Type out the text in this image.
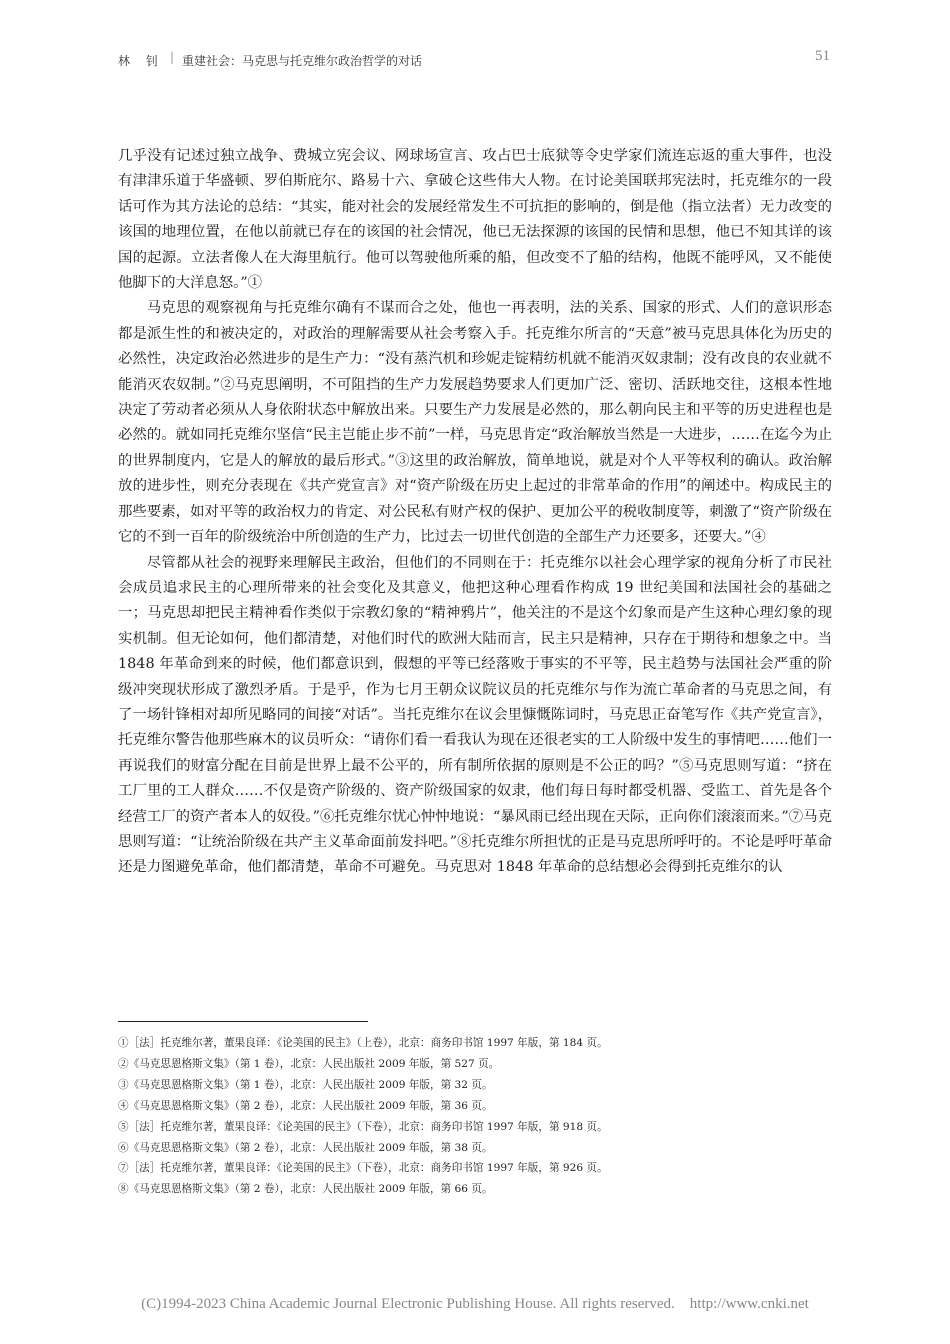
林 钊 | 重建社会：马克思与托克维尔政治哲学的对话	51

几乎没有记述过独立战争、费城立宪会议、网球场宣言、攻占巴士底狱等令史学家们流连忘返的重大事件，也没有津津乐道于华盛顿、罗伯斯庇尔、路易十六、拿破仑这些伟大人物。在讨论美国联邦宪法时，托克维尔的一段话可作为其方法论的总结：“其实，能对社会的发展经常发生不可抗拒的影响的，倒是他（指立法者）无力改变的该国的地理位置，在他以前就已存在的该国的社会情况，他已无法探源的该国的民情和思想，他已不知其详的该国的起源。立法者像人在大海里航行。他可以驾驶他所乘的船，但改变不了船的结构，他既不能呼风，又不能使他脚下的大洋息怒。”①

马克思的观察视角与托克维尔确有不谋而合之处，他也一再表明，法的关系、国家的形式、人们的意识形态都是派生性的和被决定的，对政治的理解需要从社会考察入手。托克维尔所言的“天意”被马克思具体化为历史的必然性，决定政治必然进步的是生产力：“没有蒸汽机和珍妮走锭精纺机就不能消灭奴隶制；没有改良的农业就不能消灭农奴制。”②马克思阐明，不可阻挡的生产力发展趋势要求人们更加广泛、密切、活跃地交往，这根本性地决定了劳动者必须从人身依附状态中解放出来。只要生产力发展是必然的，那么朝向民主和平等的历史进程也是必然的。就如同托克维尔坚信“民主岂能止步不前”一样，马克思肯定“政治解放当然是一大进步，……在迄今为止的世界制度内，它是人的解放的最后形式。”③这里的政治解放，简单地说，就是对个人平等权利的确认。政治解放的进步性，则充分表现在《共产党宣言》对“资产阶级在历史上起过的非常革命的作用”的阐述中。构成民主的那些要素，如对平等的政治权力的肯定、对公民私有财产权的保护、更加公平的税收制度等，刺激了“资产阶级在它的不到一百年的阶级统治中所创造的生产力，比过去一切世代创造的全部生产力还要多，还要大。”④

尽管都从社会的视野来理解民主政治，但他们的不同则在于：托克维尔以社会心理学家的视角分析了市民社会成员追求民主的心理所带来的社会变化及其意义，他把这种心理看作构成 19 世纪美国和法国社会的基础之一；马克思却把民主精神看作类似于宗教幻象的“精神鸦片”，他关注的不是这个幻象而是产生这种心理幻象的现实机制。但无论如何，他们都清楚，对他们时代的欧洲大陆而言，民主只是精神，只存在于期待和想象之中。当 1848 年革命到来的时候，他们都意识到，假想的平等已经落败于事实的不平等，民主趋势与法国社会严重的阶级冲突现状形成了激烈矛盾。于是乎，作为七月王朝众议院议员的托克维尔与作为流亡革命者的马克思之间，有了一场针锋相对却所见略同的间接“对话”。当托克维尔在议会里慷慨陈词时，马克思正奋笔写作《共产党宣言》，托克维尔警告他那些麻木的议员听众：“请你们看一看我认为现在还很老实的工人阶级中发生的事情吧……他们一再说我们的财富分配在目前是世界上最不公平的，所有制所依据的原则是不公正的吗？”⑤马克思则写道：“挤在工厂里的工人群众……不仅是资产阶级的、资产阶级国家的奴隶，他们每日每时都受机器、受监工、首先是各个经营工厂的资产者本人的奴役。”⑥托克维尔忧心忡忡地说：“暴风雨已经出现在天际，正向你们滚滚而来。”⑦马克思则写道：“让统治阶级在共产主义革命面前发抖吧。”⑧托克维尔所担忧的正是马克思所呼吁的。不论是呼吁革命还是力图避免革命，他们都清楚，革命不可避免。马克思对 1848 年革命的总结想必会得到托克维尔的认

①［法］托克维尔著，董果良译：《论美国的民主》（上卷），北京：商务印书馆 1997 年版，第 184 页。
②《马克思恩格斯文集》（第 1 卷），北京：人民出版社 2009 年版，第 527 页。
③《马克思恩格斯文集》（第 1 卷），北京：人民出版社 2009 年版，第 32 页。
④《马克思恩格斯文集》（第 2 卷），北京：人民出版社 2009 年版，第 36 页。
⑤［法］托克维尔著，董果良译：《论美国的民主》（下卷），北京：商务印书馆 1997 年版，第 918 页。
⑥《马克思恩格斯文集》（第 2 卷），北京：人民出版社 2009 年版，第 38 页。
⑦［法］托克维尔著，董果良译：《论美国的民主》（下卷），北京：商务印书馆 1997 年版，第 926 页。
⑧《马克思恩格斯文集》（第 2 卷），北京：人民出版社 2009 年版，第 66 页。
(C)1994-2023 China Academic Journal Electronic Publishing House. All rights reserved.    http://www.cnki.net
